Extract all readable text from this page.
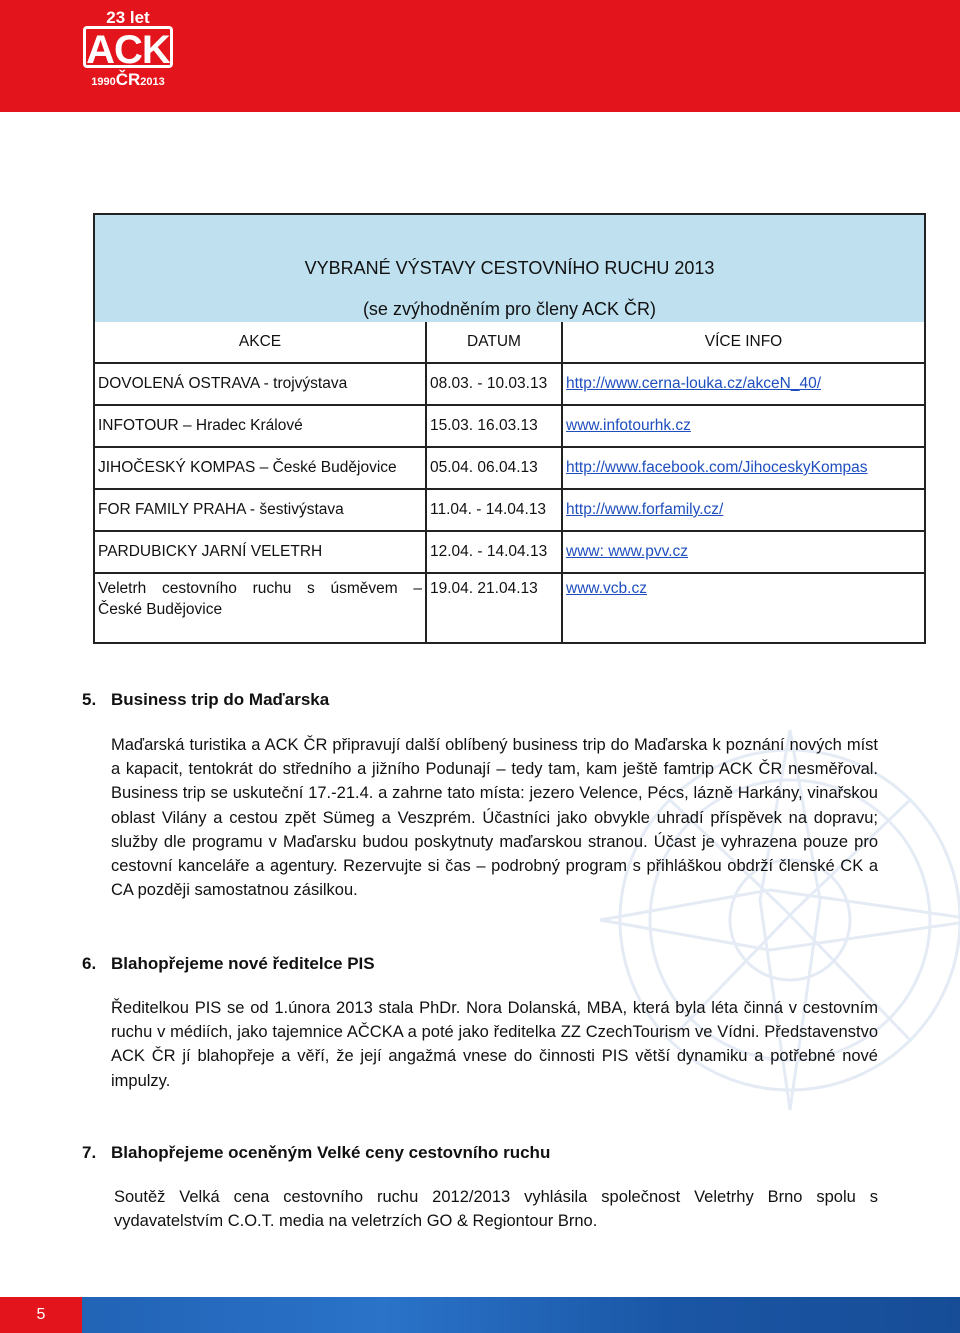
23 let
ACK
1990ČR2013
VYBRANÉ VÝSTAVY CESTOVNÍHO RUCHU 2013
(se zvýhodněním pro členy ACK ČR)		

AKCE	DATUM	VÍCE INFO
DOVOLENÁ OSTRAVA - trojvýstava	08.03. - 10.03.13	http://www.cerna-louka.cz/akceN_40/
INFOTOUR – Hradec Králové	15.03. 16.03.13	www.infotourhk.cz
JIHOČESKÝ KOMPAS – České Budějovice	05.04. 06.04.13	http://www.facebook.com/JihoceskyKompas
FOR FAMILY PRAHA - šestivýstava	11.04. - 14.04.13	http://www.forfamily.cz/
PARDUBICKY JARNÍ VELETRH	12.04. - 14.04.13	www: www.pvv.cz

Veletrh cestovního ruchu s úsměvem –
České Budějovice	19.04. 21.04.13	www.vcb.cz
5. Business trip do Maďarska
Maďarská turistika a ACK ČR připravují další oblíbený business trip do Maďarska k poznání nových míst a kapacit, tentokrát do středního a jižního Podunají – tedy tam, kam ještě famtrip ACK ČR nesměřoval. Business trip se uskuteční 17.-21.4. a zahrne tato místa: jezero Velence, Pécs, lázně Harkány, vinařskou oblast Vilány a cestou zpět Sümeg a Veszprém. Účastníci jako obvykle uhradí příspěvek na dopravu; služby dle programu v Maďarsku budou poskytnuty maďarskou stranou. Účast je vyhrazena pouze pro cestovní kanceláře a agentury. Rezervujte si čas – podrobný program s přihláškou obdrží členské CK a CA později samostatnou zásilkou.
6. Blahopřejeme nové ředitelce PIS
Ředitelkou PIS se od 1.února 2013 stala PhDr. Nora Dolanská, MBA, která byla léta činná v cestovním ruchu v médiích, jako tajemnice AČCKA a poté jako ředitelka ZZ CzechTourism ve Vídni. Představenstvo ACK ČR jí blahopřeje a věří, že její angažmá vnese do činnosti PIS větší dynamiku a potřebné nové impulzy.
7. Blahopřejeme oceněným Velké ceny cestovního ruchu
Soutěž Velká cena cestovního ruchu 2012/2013 vyhlásila společnost Veletrhy Brno spolu s vydavatelstvím C.O.T. media na veletrzích GO & Regiontour Brno.
5
